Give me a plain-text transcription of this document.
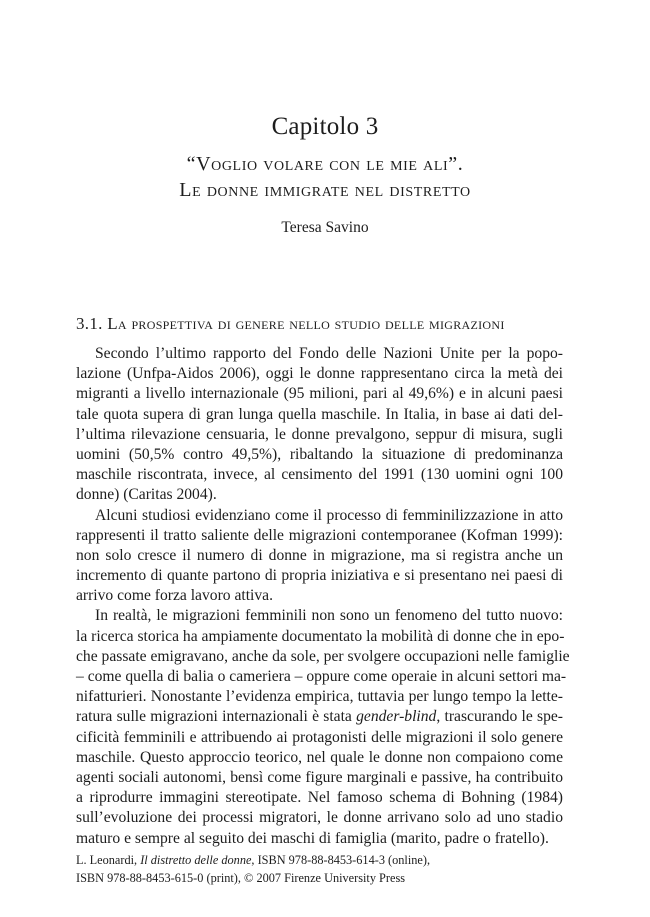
Capitolo 3
“Voglio volare con le mie ali”.
Le donne immigrate nel distretto
Teresa Savino
3.1. La prospettiva di genere nello studio delle migrazioni
Secondo l’ultimo rapporto del Fondo delle Nazioni Unite per la popo-
lazione (Unfpa-Aidos 2006), oggi le donne rappresentano circa la metà dei
migranti a livello internazionale (95 milioni, pari al 49,6%) e in alcuni paesi
tale quota supera di gran lunga quella maschile. In Italia, in base ai dati del-
l’ultima rilevazione censuaria, le donne prevalgono, seppur di misura, sugli
uomini (50,5% contro 49,5%), ribaltando la situazione di predominanza
maschile riscontrata, invece, al censimento del 1991 (130 uomini ogni 100
donne) (Caritas 2004).
Alcuni studiosi evidenziano come il processo di femminilizzazione in atto
rappresenti il tratto saliente delle migrazioni contemporanee (Kofman 1999):
non solo cresce il numero di donne in migrazione, ma si registra anche un
incremento di quante partono di propria iniziativa e si presentano nei paesi di
arrivo come forza lavoro attiva.
In realtà, le migrazioni femminili non sono un fenomeno del tutto nuovo:
la ricerca storica ha ampiamente documentato la mobilità di donne che in epo-
che passate emigravano, anche da sole, per svolgere occupazioni nelle famiglie
– come quella di balia o cameriera – oppure come operaie in alcuni settori ma-
nifatturieri. Nonostante l’evidenza empirica, tuttavia per lungo tempo la lette-
ratura sulle migrazioni internazionali è stata gender-blind, trascurando le spe-
cificità femminili e attribuendo ai protagonisti delle migrazioni il solo genere
maschile. Questo approccio teorico, nel quale le donne non compaiono come
agenti sociali autonomi, bensì come figure marginali e passive, ha contribuito
a riprodurre immagini stereotipate. Nel famoso schema di Bohning (1984)
sull’evoluzione dei processi migratori, le donne arrivano solo ad uno stadio
maturo e sempre al seguito dei maschi di famiglia (marito, padre o fratello).
L. Leonardi, Il distretto delle donne, ISBN 978-88-8453-614-3 (online),
ISBN 978-88-8453-615-0 (print), © 2007 Firenze University Press
